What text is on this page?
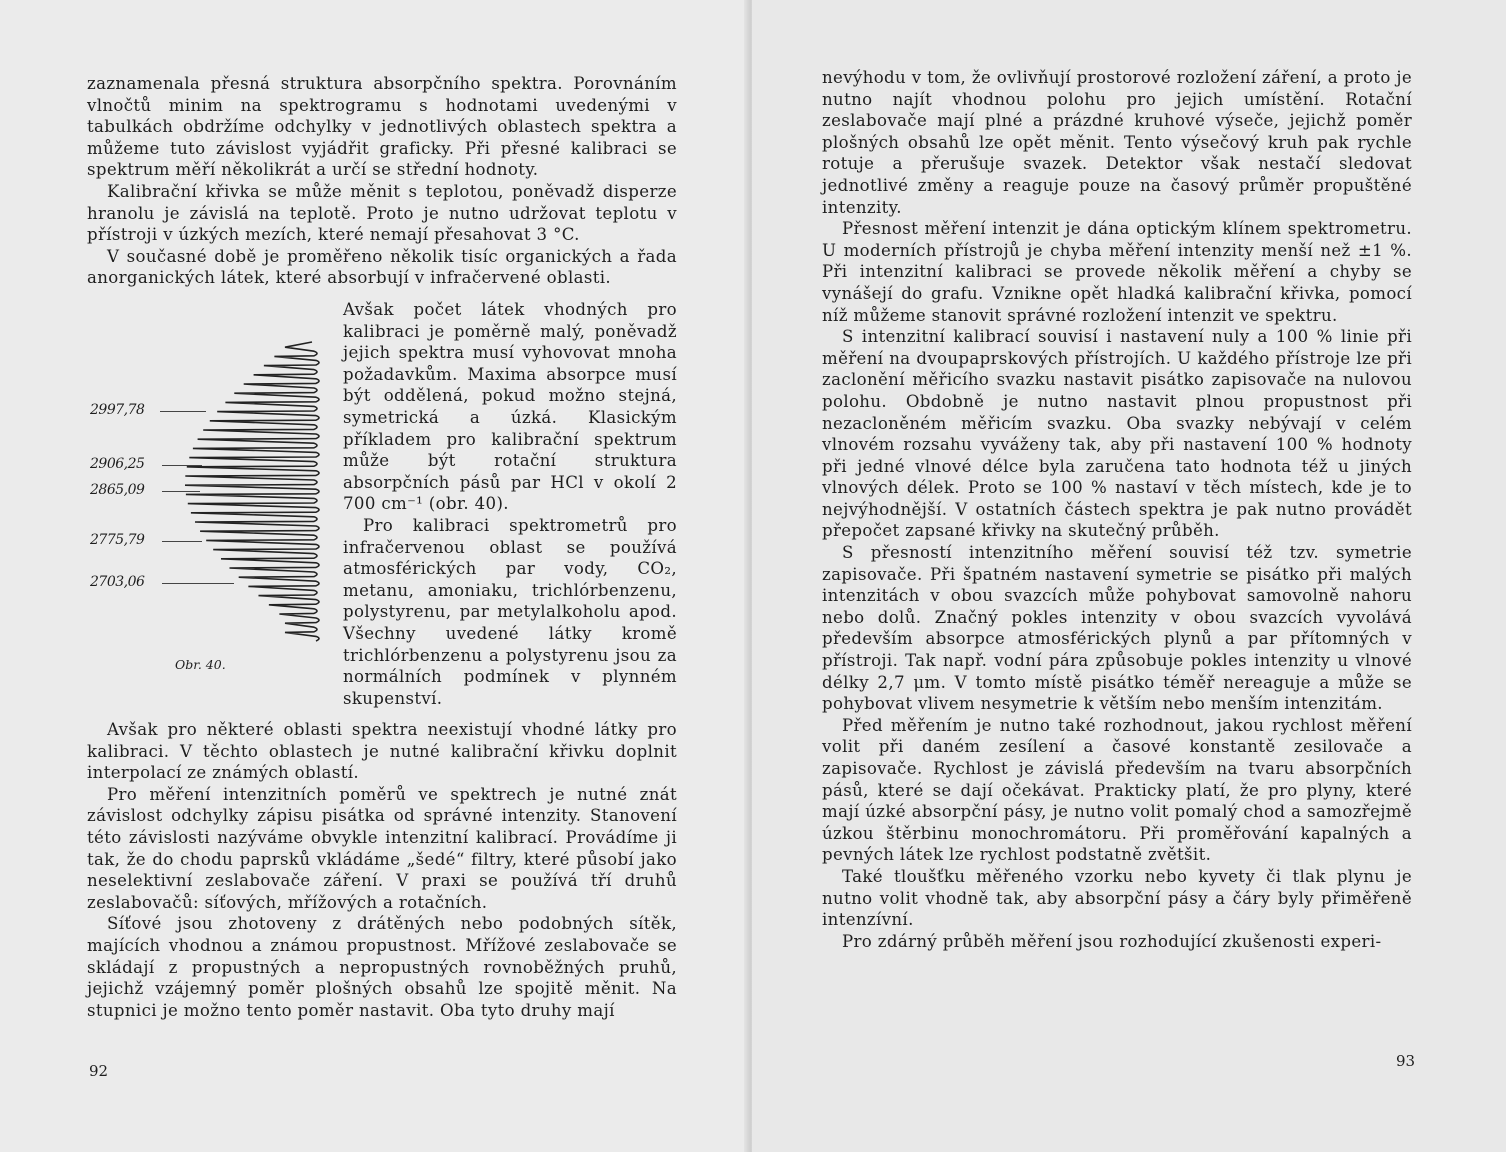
zaznamenala přesná struktura absorpčního spektra. Porovnáním vlnočtů minim na spektrogramu s hodnotami uvedenými v tabulkách obdržíme odchylky v jednotlivých oblastech spektra a můžeme tuto závislost vyjádřit graficky. Při přesné kalibraci se spektrum měří několikrát a určí se střední hodnoty.

Kalibrační křivka se může měnit s teplotou, poněvadž disperze hranolu je závislá na teplotě. Proto je nutno udržovat teplotu v přístroji v úzkých mezích, které nemají přesahovat 3 °C.

V současné době je proměřeno několik tisíc organických a řada anorganických látek, které absorbují v infračervené oblasti.

2997,78
2906,25
2865,09
2775,79
2703,06
Obr. 40.

Avšak počet látek vhodných pro kalibraci je poměrně malý, poněvadž jejich spektra musí vyhovovat mnoha požadavkům. Maxima absorpce musí být oddělená, pokud možno stejná, symetrická a úzká. Klasickým příkladem pro kalibrační spektrum může být rotační struktura absorpčních pásů par HCl v okolí 2 700 cm⁻¹ (obr. 40).

Pro kalibraci spektrometrů pro infračervenou oblast se používá atmosférických par vody, CO₂, metanu, amoniaku, trichlórbenzenu, polystyrenu, par metylalkoholu apod. Všechny uvedené látky kromě trichlórbenzenu a polystyrenu jsou za normálních podmínek v plynném skupenství.

Avšak pro některé oblasti spektra neexistují vhodné látky pro kalibraci. V těchto oblastech je nutné kalibrační křivku doplnit interpolací ze známých oblastí.

Pro měření intenzitních poměrů ve spektrech je nutné znát závislost odchylky zápisu pisátka od správné intenzity. Stanovení této závislosti nazýváme obvykle intenzitní kalibrací. Provádíme ji tak, že do chodu paprsků vkládáme „šedé“ filtry, které působí jako neselektivní zeslabovače záření. V praxi se používá tří druhů zeslabovačů: síťových, mřížových a rotačních.

Síťové jsou zhotoveny z drátěných nebo podobných sítěk, majících vhodnou a známou propustnost. Mřížové zeslabovače se skládají z propustných a nepropustných rovnoběžných pruhů, jejichž vzájemný poměr plošných obsahů lze spojitě měnit. Na stupnici je možno tento poměr nastavit. Oba tyto druhy mají

92

nevýhodu v tom, že ovlivňují prostorové rozložení záření, a proto je nutno najít vhodnou polohu pro jejich umístění. Rotační zeslabovače mají plné a prázdné kruhové výseče, jejichž poměr plošných obsahů lze opět měnit. Tento výsečový kruh pak rychle rotuje a přerušuje svazek. Detektor však nestačí sledovat jednotlivé změny a reaguje pouze na časový průměr propuštěné intenzity.

Přesnost měření intenzit je dána optickým klínem spektrometru. U moderních přístrojů je chyba měření intenzity menší než ±1 %. Při intenzitní kalibraci se provede několik měření a chyby se vynášejí do grafu. Vznikne opět hladká kalibrační křivka, pomocí níž můžeme stanovit správné rozložení intenzit ve spektru.

S intenzitní kalibrací souvisí i nastavení nuly a 100 % linie při měření na dvoupaprskových přístrojích. U každého přístroje lze při zaclonění měřicího svazku nastavit pisátko zapisovače na nulovou polohu. Obdobně je nutno nastavit plnou propustnost při nezacloněném měřicím svazku. Oba svazky nebývají v celém vlnovém rozsahu vyváženy tak, aby při nastavení 100 % hodnoty při jedné vlnové délce byla zaručena tato hodnota též u jiných vlnových délek. Proto se 100 % nastaví v těch místech, kde je to nejvýhodnější. V ostatních částech spektra je pak nutno provádět přepočet zapsané křivky na skutečný průběh.

S přesností intenzitního měření souvisí též tzv. symetrie zapisovače. Při špatném nastavení symetrie se pisátko při malých intenzitách v obou svazcích může pohybovat samovolně nahoru nebo dolů. Značný pokles intenzity v obou svazcích vyvolává především absorpce atmosférických plynů a par přítomných v přístroji. Tak např. vodní pára způsobuje pokles intenzity u vlnové délky 2,7 μm. V tomto místě pisátko téměř nereaguje a může se pohybovat vlivem nesymetrie k větším nebo menším intenzitám.

Před měřením je nutno také rozhodnout, jakou rychlost měření volit při daném zesílení a časové konstantě zesilovače a zapisovače. Rychlost je závislá především na tvaru absorpčních pásů, které se dají očekávat. Prakticky platí, že pro plyny, které mají úzké absorpční pásy, je nutno volit pomalý chod a samozřejmě úzkou štěrbinu monochromátoru. Při proměřování kapalných a pevných látek lze rychlost podstatně zvětšit.

Také tloušťku měřeného vzorku nebo kyvety či tlak plynu je nutno volit vhodně tak, aby absorpční pásy a čáry byly přiměřeně intenzívní.

Pro zdárný průběh měření jsou rozhodující zkušenosti experi-

93
